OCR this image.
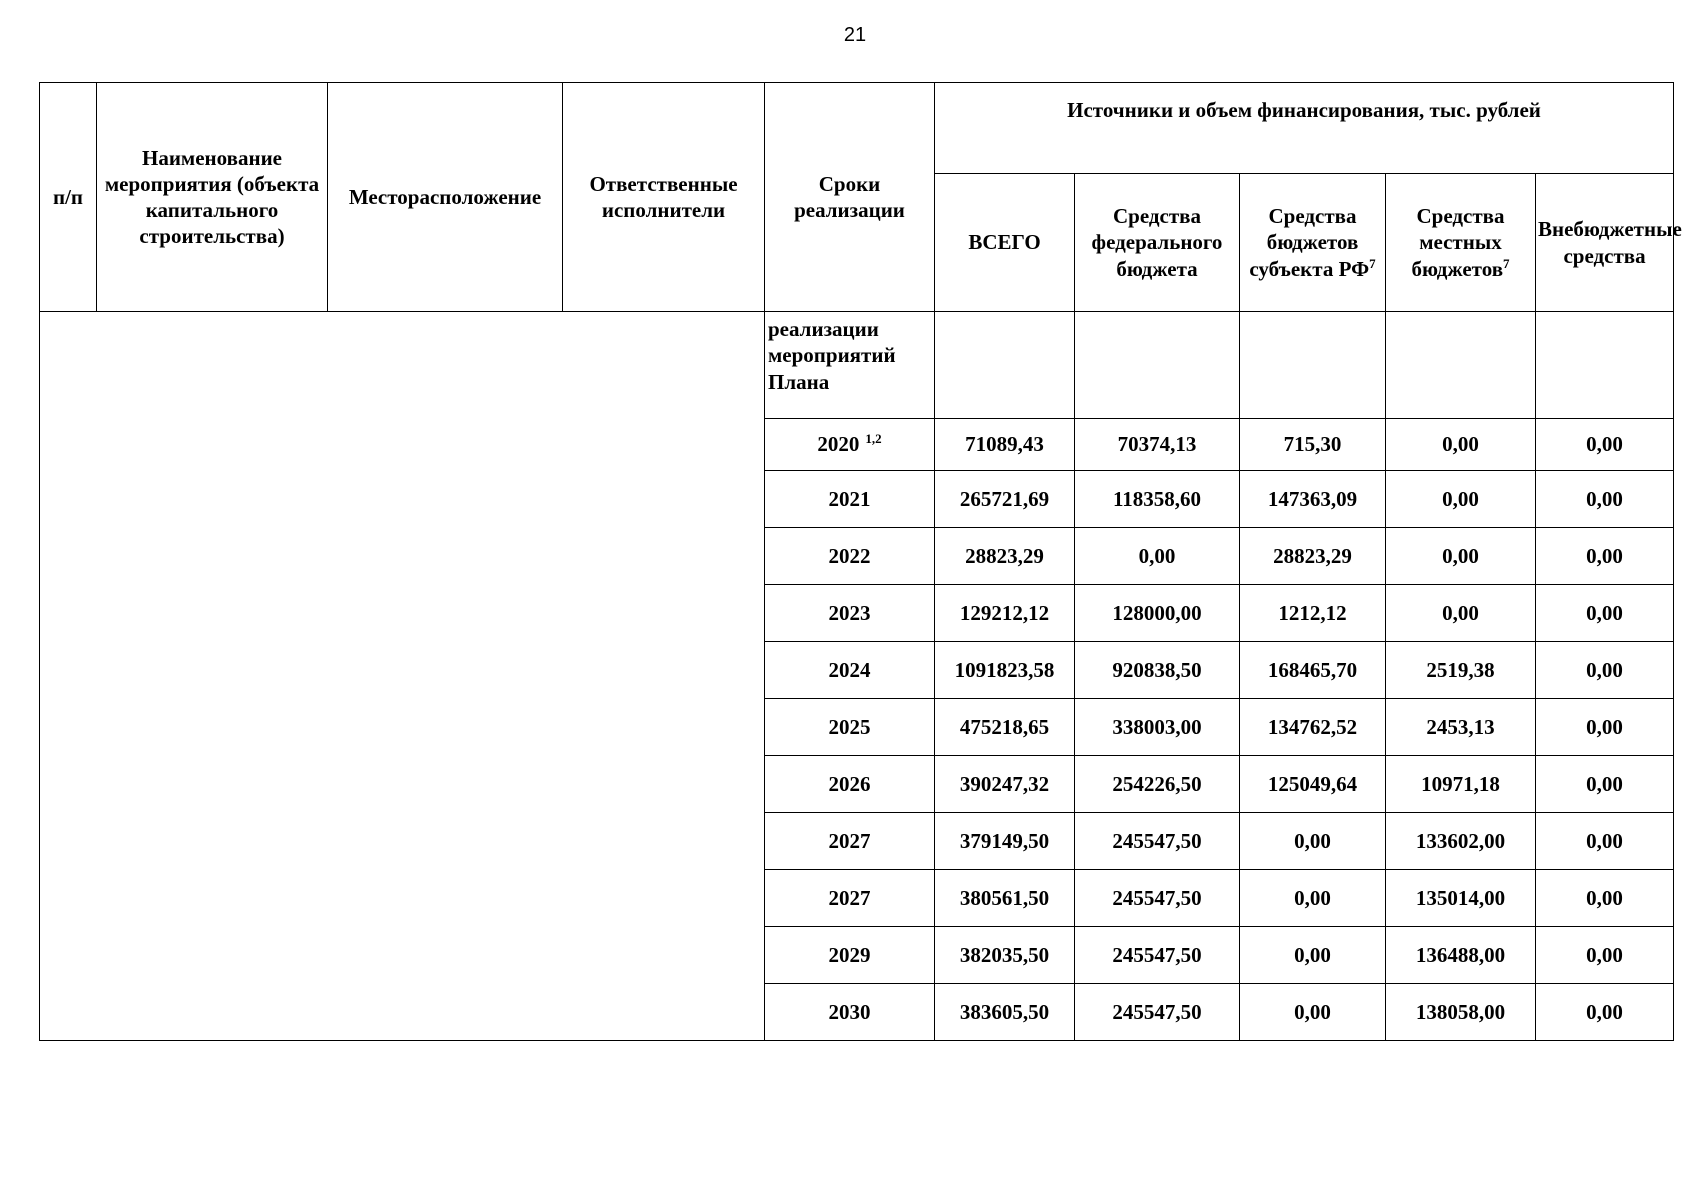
21
п/п	Наименование мероприятия (объекта капитального строительства)	Месторасположение	Ответственные исполнители	Сроки реализации	Источники и объем финансирования, тыс. рублей				
					ВСЕГО	Средства федерального бюджета	Средства бюджетов субъекта $РФ^7$	Средства местных бюджетов$^7$	Внебюджетные средства
				реализации мероприятий Плана					
				2020 $^{1,2}$	71089,43	70374,13	715,30	0,00	0,00
				2021	265721,69	118358,60	147363,09	0,00	0,00
				2022	28823,29	0,00	28823,29	0,00	0,00
				2023	129212,12	128000,00	1212,12	0,00	0,00
				2024	1091823,58	920838,50	168465,70	2519,38	0,00
				2025	475218,65	338003,00	134762,52	2453,13	0,00
				2026	390247,32	254226,50	125049,64	10971,18	0,00
				2027	379149,50	245547,50	0,00	133602,00	0,00
				2027	380561,50	245547,50	0,00	135014,00	0,00
				2029	382035,50	245547,50	0,00	136488,00	0,00
				2030	383605,50	245547,50	0,00	138058,00	0,00
